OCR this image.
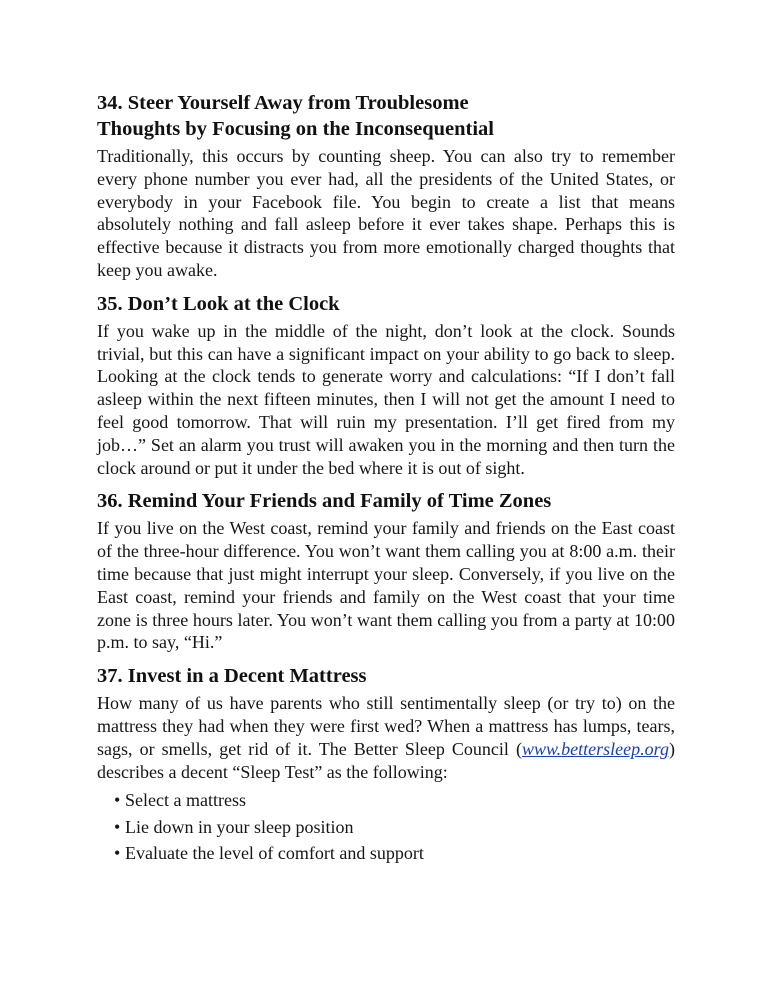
34. Steer Yourself Away from Troublesome
Thoughts by Focusing on the Inconsequential

Traditionally, this occurs by counting sheep. You can also try to remember every phone number you ever had, all the presidents of the United States, or everybody in your Facebook file. You begin to create a list that means absolutely nothing and fall asleep before it ever takes shape. Perhaps this is effective because it distracts you from more emotionally charged thoughts that keep you awake.

35. Don’t Look at the Clock

If you wake up in the middle of the night, don’t look at the clock. Sounds trivial, but this can have a significant impact on your ability to go back to sleep. Looking at the clock tends to generate worry and calculations: “If I don’t fall asleep within the next fifteen minutes, then I will not get the amount I need to feel good tomorrow. That will ruin my presentation. I’ll get fired from my job…” Set an alarm you trust will awaken you in the morning and then turn the clock around or put it under the bed where it is out of sight.

36. Remind Your Friends and Family of Time Zones

If you live on the West coast, remind your family and friends on the East coast of the three-hour difference. You won’t want them calling you at 8:00 a.m. their time because that just might interrupt your sleep. Conversely, if you live on the East coast, remind your friends and family on the West coast that your time zone is three hours later. You won’t want them calling you from a party at 10:00 p.m. to say, “Hi.”

37. Invest in a Decent Mattress

How many of us have parents who still sentimentally sleep (or try to) on the mattress they had when they were first wed? When a mattress has lumps, tears, sags, or smells, get rid of it. The Better Sleep Council (www.bettersleep.org) describes a decent “Sleep Test” as the following:

• Select a mattress
• Lie down in your sleep position
• Evaluate the level of comfort and support
